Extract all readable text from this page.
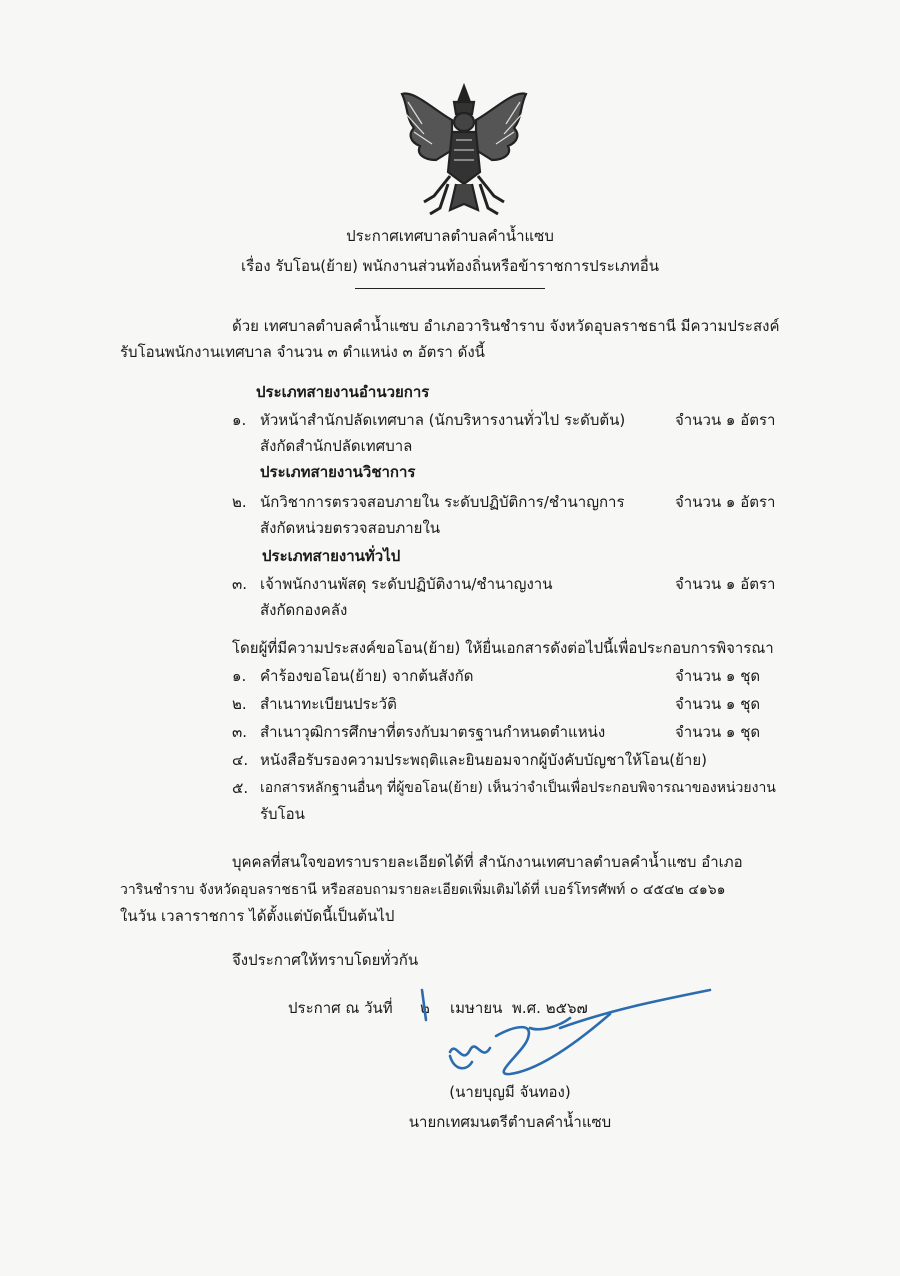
ประกาศเทศบาลตำบลคำน้ำแซบ
เรื่อง รับโอน(ย้าย) พนักงานส่วนท้องถิ่นหรือข้าราชการประเภทอื่น
ด้วย เทศบาลตำบลคำน้ำแซบ อำเภอวารินชำราบ จังหวัดอุบลราชธานี มีความประสงค์
รับโอนพนักงานเทศบาล จำนวน ๓ ตำแหน่ง ๓ อัตรา ดังนี้
ประเภทสายงานอำนวยการ
๑. หัวหน้าสำนักปลัดเทศบาล (นักบริหารงานทั่วไป ระดับต้น)	จำนวน ๑ อัตรา
สังกัดสำนักปลัดเทศบาล
ประเภทสายงานวิชาการ
๒. นักวิชาการตรวจสอบภายใน ระดับปฏิบัติการ/ชำนาญการ	จำนวน ๑ อัตรา
สังกัดหน่วยตรวจสอบภายใน
ประเภทสายงานทั่วไป
๓. เจ้าพนักงานพัสดุ ระดับปฏิบัติงาน/ชำนาญงาน	จำนวน ๑ อัตรา
สังกัดกองคลัง
โดยผู้ที่มีความประสงค์ขอโอน(ย้าย) ให้ยื่นเอกสารดังต่อไปนี้เพื่อประกอบการพิจารณา
๑. คำร้องขอโอน(ย้าย) จากต้นสังกัด	จำนวน ๑ ชุด
๒. สำเนาทะเบียนประวัติ	จำนวน ๑ ชุด
๓. สำเนาวุฒิการศึกษาที่ตรงกับมาตรฐานกำหนดตำแหน่ง	จำนวน ๑ ชุด
๔. หนังสือรับรองความประพฤติและยินยอมจากผู้บังคับบัญชาให้โอน(ย้าย)
๕. เอกสารหลักฐานอื่นๆ ที่ผู้ขอโอน(ย้าย) เห็นว่าจำเป็นเพื่อประกอบพิจารณาของหน่วยงาน
รับโอน
บุคคลที่สนใจขอทราบรายละเอียดได้ที่ สำนักงานเทศบาลตำบลคำน้ำแซบ อำเภอ
วารินชำราบ จังหวัดอุบลราชธานี หรือสอบถามรายละเอียดเพิ่มเติมได้ที่ เบอร์โทรศัพท์ ๐ ๔๕๔๒ ๔๑๖๑
ในวัน เวลาราชการ ได้ตั้งแต่บัดนี้เป็นต้นไป
จึงประกาศให้ทราบโดยทั่วกัน
ประกาศ ณ วันที่ ๒ เมษายน พ.ศ. ๒๕๖๗
(นายบุญมี จันทอง)
นายกเทศมนตรีตำบลคำน้ำแซบ
